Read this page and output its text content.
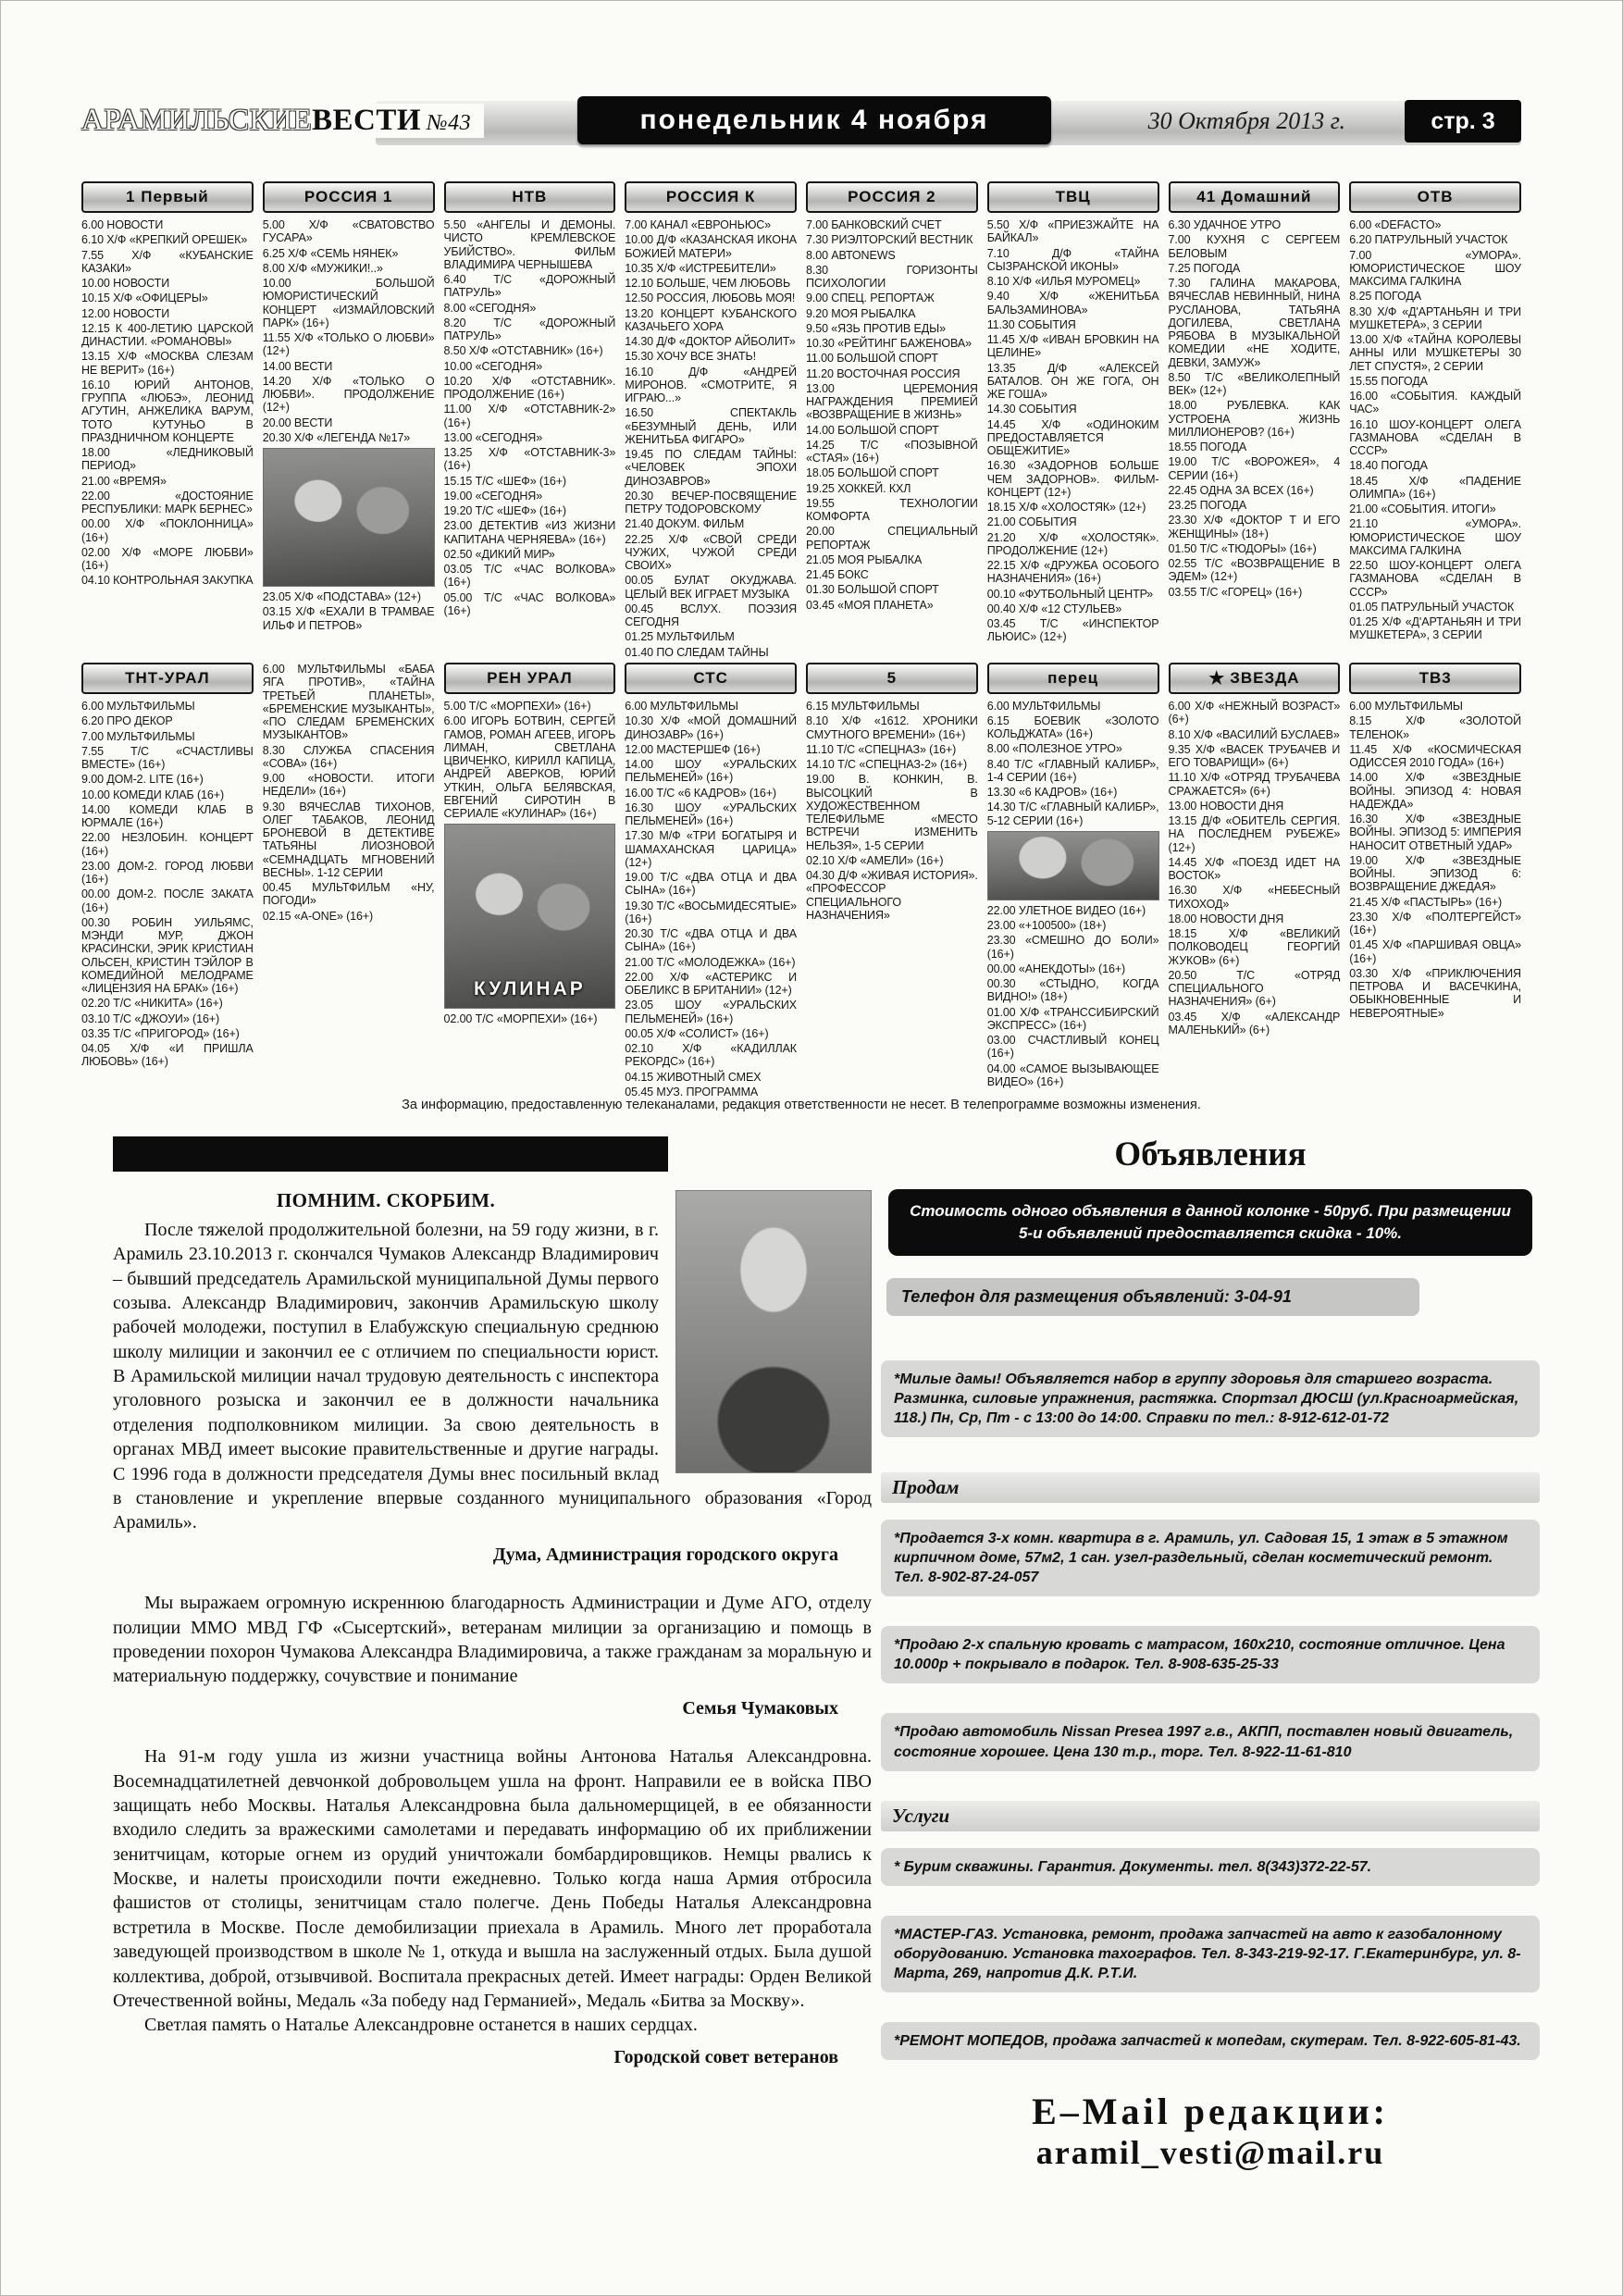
АРАМИЛЬСКИЕВЕСТИ №43	понедельник 4 ноября	30 Октября 2013 г.	стр. 3
1 Первый
6.00 НОВОСТИ
6.10 Х/Ф «КРЕПКИЙ ОРЕШЕК»
7.55 Х/Ф «КУБАНСКИЕ КАЗАКИ»
10.00 НОВОСТИ
10.15 Х/Ф «ОФИЦЕРЫ»
12.00 НОВОСТИ
12.15 К 400-ЛЕТИЮ ЦАРСКОЙ ДИНАСТИИ. «РОМАНОВЫ»
13.15 Х/Ф «МОСКВА СЛЕЗАМ НЕ ВЕРИТ» (16+)
16.10 ЮРИЙ АНТОНОВ, ГРУППА «ЛЮБЭ», ЛЕОНИД АГУТИН, АНЖЕЛИКА ВАРУМ, ТОТО КУТУНЬО В ПРАЗДНИЧНОМ КОНЦЕРТЕ
18.00 «ЛЕДНИКОВЫЙ ПЕРИОД»
21.00 «ВРЕМЯ»
22.00 «ДОСТОЯНИЕ РЕСПУБЛИКИ: МАРК БЕРНЕС»
00.00 Х/Ф «ПОКЛОННИЦА» (16+)
02.00 Х/Ф «МОРЕ ЛЮБВИ» (16+)
04.10 КОНТРОЛЬНАЯ ЗАКУПКА
ТНТ-УРАЛ
6.00 МУЛЬТФИЛЬМЫ
6.20 ПРО ДЕКОР
7.00 МУЛЬТФИЛЬМЫ
7.55 Т/С «СЧАСТЛИВЫ ВМЕСТЕ» (16+)
9.00 ДОМ-2. LITE (16+)
10.00 КОМЕДИ КЛАБ (16+)
14.00 КОМЕДИ КЛАБ В ЮРМАЛЕ (16+)
22.00 НЕЗЛОБИН. КОНЦЕРТ (16+)
23.00 ДОМ-2. ГОРОД ЛЮБВИ (16+)
00.00 ДОМ-2. ПОСЛЕ ЗАКАТА (16+)
00.30 РОБИН УИЛЬЯМС, МЭНДИ МУР, ДЖОН КРАСИНСКИ, ЭРИК КРИСТИАН ОЛЬСЕН, КРИСТИН ТЭЙЛОР В КОМЕДИЙНОЙ МЕЛОДРАМЕ «ЛИЦЕНЗИЯ НА БРАК» (16+)
02.20 Т/С «НИКИТА» (16+)
03.10 Т/С «ДЖОУИ» (16+)
03.35 Т/С «ПРИГОРОД» (16+)
04.05 Х/Ф «И ПРИШЛА ЛЮБОВЬ» (16+)
РОССИЯ 1
5.00 Х/Ф «СВАТОВСТВО ГУСАРА»
6.25 Х/Ф «СЕМЬ НЯНЕК»
8.00 Х/Ф «МУЖИКИ!..»
10.00 БОЛЬШОЙ ЮМОРИСТИЧЕСКИЙ КОНЦЕРТ «ИЗМАЙЛОВСКИЙ ПАРК» (16+)
11.55 Х/Ф «ТОЛЬКО О ЛЮБВИ» (12+)
14.00 ВЕСТИ
14.20 Х/Ф «ТОЛЬКО О ЛЮБВИ». ПРОДОЛЖЕНИЕ (12+)
20.00 ВЕСТИ
20.30 Х/Ф «ЛЕГЕНДА №17»
23.05 Х/Ф «ПОДСТАВА» (12+)
03.15 Х/Ф «ЕХАЛИ В ТРАМВАЕ ИЛЬФ И ПЕТРОВ»
6.00 МУЛЬТФИЛЬМЫ «БАБА ЯГА ПРОТИВ», «ТАЙНА ТРЕТЬЕЙ ПЛАНЕТЫ», «БРЕМЕНСКИЕ МУЗЫКАНТЫ», «ПО СЛЕДАМ БРЕМЕНСКИХ МУЗЫКАНТОВ»
8.30 СЛУЖБА СПАСЕНИЯ «СОВА» (16+)
9.00 «НОВОСТИ. ИТОГИ НЕДЕЛИ» (16+)
9.30 ВЯЧЕСЛАВ ТИХОНОВ, ОЛЕГ ТАБАКОВ, ЛЕОНИД БРОНЕВОЙ В ДЕТЕКТИВЕ ТАТЬЯНЫ ЛИОЗНОВОЙ «СЕМНАДЦАТЬ МГНОВЕНИЙ ВЕСНЫ». 1-12 СЕРИИ
00.45 МУЛЬТФИЛЬМ «НУ, ПОГОДИ»
02.15 «A-ONE» (16+)
НТВ
5.50 «АНГЕЛЫ И ДЕМОНЫ. ЧИСТО КРЕМЛЕВСКОЕ УБИЙСТВО». ФИЛЬМ ВЛАДИМИРА ЧЕРНЫШЕВА
6.40 Т/С «ДОРОЖНЫЙ ПАТРУЛЬ»
8.00 «СЕГОДНЯ»
8.20 Т/С «ДОРОЖНЫЙ ПАТРУЛЬ»
8.50 Х/Ф «ОТСТАВНИК» (16+)
10.00 «СЕГОДНЯ»
10.20 Х/Ф «ОТСТАВНИК». ПРОДОЛЖЕНИЕ (16+)
11.00 Х/Ф «ОТСТАВНИК-2» (16+)
13.00 «СЕГОДНЯ»
13.25 Х/Ф «ОТСТАВНИК-3» (16+)
15.15 Т/С «ШЕФ» (16+)
19.00 «СЕГОДНЯ»
19.20 Т/С «ШЕФ» (16+)
23.00 ДЕТЕКТИВ «ИЗ ЖИЗНИ КАПИТАНА ЧЕРНЯЕВА» (16+)
02.50 «ДИКИЙ МИР»
03.05 Т/С «ЧАС ВОЛКОВА» (16+)
05.00 Т/С «ЧАС ВОЛКОВА» (16+)
РЕН УРАЛ
5.00 Т/С «МОРПЕХИ» (16+)
6.00 ИГОРЬ БОТВИН, СЕРГЕЙ ГАМОВ, РОМАН АГЕЕВ, ИГОРЬ ЛИМАН, СВЕТЛАНА ЦВИЧЕНКО, КИРИЛЛ КАПИЦА, АНДРЕЙ АВЕРКОВ, ЮРИЙ УТКИН, ОЛЬГА БЕЛЯВСКАЯ, ЕВГЕНИЙ СИРОТИН В СЕРИАЛЕ «КУЛИНАР» (16+)
КУЛИНАР
02.00 Т/С «МОРПЕХИ» (16+)
РОССИЯ К
7.00 КАНАЛ «ЕВРОНЬЮС»
10.00 Д/Ф «КАЗАНСКАЯ ИКОНА БОЖИЕЙ МАТЕРИ»
10.35 Х/Ф «ИСТРЕБИТЕЛИ»
12.10 БОЛЬШЕ, ЧЕМ ЛЮБОВЬ
12.50 РОССИЯ, ЛЮБОВЬ МОЯ!
13.20 КОНЦЕРТ КУБАНСКОГО КАЗАЧЬЕГО ХОРА
14.30 Д/Ф «ДОКТОР АЙБОЛИТ»
15.30 ХОЧУ ВСЕ ЗНАТЬ!
16.10 Д/Ф «АНДРЕЙ МИРОНОВ. «СМОТРИТЕ, Я ИГРАЮ...»
16.50 СПЕКТАКЛЬ «БЕЗУМНЫЙ ДЕНЬ, ИЛИ ЖЕНИТЬБА ФИГАРО»
19.45 ПО СЛЕДАМ ТАЙНЫ: «ЧЕЛОВЕК ЭПОХИ ДИНОЗАВРОВ»
20.30 ВЕЧЕР-ПОСВЯЩЕНИЕ ПЕТРУ ТОДОРОВСКОМУ
21.40 ДОКУМ. ФИЛЬМ
22.25 Х/Ф «СВОЙ СРЕДИ ЧУЖИХ, ЧУЖОЙ СРЕДИ СВОИХ»
00.05 БУЛАТ ОКУДЖАВА. ЦЕЛЫЙ ВЕК ИГРАЕТ МУЗЫКА
00.45 ВСЛУХ. ПОЭЗИЯ СЕГОДНЯ
01.25 МУЛЬТФИЛЬМ
01.40 ПО СЛЕДАМ ТАЙНЫ
СТС
6.00 МУЛЬТФИЛЬМЫ
10.30 Х/Ф «МОЙ ДОМАШНИЙ ДИНОЗАВР» (16+)
12.00 МАСТЕРШЕФ (16+)
14.00 ШОУ «УРАЛЬСКИХ ПЕЛЬМЕНЕЙ» (16+)
16.00 Т/С «6 КАДРОВ» (16+)
16.30 ШОУ «УРАЛЬСКИХ ПЕЛЬМЕНЕЙ» (16+)
17.30 М/Ф «ТРИ БОГАТЫРЯ И ШАМАХАНСКАЯ ЦАРИЦА» (12+)
19.00 Т/С «ДВА ОТЦА И ДВА СЫНА» (16+)
19.30 Т/С «ВОСЬМИДЕСЯТЫЕ» (16+)
20.30 Т/С «ДВА ОТЦА И ДВА СЫНА» (16+)
21.00 Т/С «МОЛОДЕЖКА» (16+)
22.00 Х/Ф «АСТЕРИКС И ОБЕЛИКС В БРИТАНИИ» (12+)
23.05 ШОУ «УРАЛЬСКИХ ПЕЛЬМЕНЕЙ» (16+)
00.05 Х/Ф «СОЛИСТ» (16+)
02.10 Х/Ф «КАДИЛЛАК РЕКОРДС» (16+)
04.15 ЖИВОТНЫЙ СМЕХ
05.45 МУЗ. ПРОГРАММА
РОССИЯ 2
7.00 БАНКОВСКИЙ СЧЕТ
7.30 РИЭЛТОРСКИЙ ВЕСТНИК
8.00 АВТОNEWS
8.30 ГОРИЗОНТЫ ПСИХОЛОГИИ
9.00 СПЕЦ. РЕПОРТАЖ
9.20 МОЯ РЫБАЛКА
9.50 «ЯЗЬ ПРОТИВ ЕДЫ»
10.30 «РЕЙТИНГ БАЖЕНОВА»
11.00 БОЛЬШОЙ СПОРТ
11.20 ВОСТОЧНАЯ РОССИЯ
13.00 ЦЕРЕМОНИЯ НАГРАЖДЕНИЯ ПРЕМИЕЙ «ВОЗВРАЩЕНИЕ В ЖИЗНЬ»
14.00 БОЛЬШОЙ СПОРТ
14.25 Т/С «ПОЗЫВНОЙ «СТАЯ» (16+)
18.05 БОЛЬШОЙ СПОРТ
19.25 ХОККЕЙ. КХЛ
19.55 ТЕХНОЛОГИИ КОМФОРТА
20.00 СПЕЦИАЛЬНЫЙ РЕПОРТАЖ
21.05 МОЯ РЫБАЛКА
21.45 БОКС
01.30 БОЛЬШОЙ СПОРТ
03.45 «МОЯ ПЛАНЕТА»
5
6.15 МУЛЬТФИЛЬМЫ
8.10 Х/Ф «1612. ХРОНИКИ СМУТНОГО ВРЕМЕНИ» (16+)
11.10 Т/С «СПЕЦНАЗ» (16+)
14.10 Т/С «СПЕЦНАЗ-2» (16+)
19.00 В. КОНКИН, В. ВЫСОЦКИЙ В ХУДОЖЕСТВЕННОМ ТЕЛЕФИЛЬМЕ «МЕСТО ВСТРЕЧИ ИЗМЕНИТЬ НЕЛЬЗЯ», 1-5 СЕРИИ
02.10 Х/Ф «АМЕЛИ» (16+)
04.30 Д/Ф «ЖИВАЯ ИСТОРИЯ». «ПРОФЕССОР СПЕЦИАЛЬНОГО НАЗНАЧЕНИЯ»
ТВЦ
5.50 Х/Ф «ПРИЕЗЖАЙТЕ НА БАЙКАЛ»
7.10 Д/Ф «ТАЙНА СЫЗРАНСКОЙ ИКОНЫ»
8.10 Х/Ф «ИЛЬЯ МУРОМЕЦ»
9.40 Х/Ф «ЖЕНИТЬБА БАЛЬЗАМИНОВА»
11.30 СОБЫТИЯ
11.45 Х/Ф «ИВАН БРОВКИН НА ЦЕЛИНЕ»
13.35 Д/Ф «АЛЕКСЕЙ БАТАЛОВ. ОН ЖЕ ГОГА, ОН ЖЕ ГОША»
14.30 СОБЫТИЯ
14.45 Х/Ф «ОДИНОКИМ ПРЕДОСТАВЛЯЕТСЯ ОБЩЕЖИТИЕ»
16.30 «ЗАДОРНОВ БОЛЬШЕ ЧЕМ ЗАДОРНОВ». ФИЛЬМ-КОНЦЕРТ (12+)
18.15 Х/Ф «ХОЛОСТЯК» (12+)
21.00 СОБЫТИЯ
21.20 Х/Ф «ХОЛОСТЯК». ПРОДОЛЖЕНИЕ (12+)
22.15 Х/Ф «ДРУЖБА ОСОБОГО НАЗНАЧЕНИЯ» (16+)
00.10 «ФУТБОЛЬНЫЙ ЦЕНТР»
00.40 Х/Ф «12 СТУЛЬЕВ»
03.45 Т/С «ИНСПЕКТОР ЛЬЮИС» (12+)
перец
6.00 МУЛЬТФИЛЬМЫ
6.15 БОЕВИК «ЗОЛОТО КОЛЬДЖАТА» (16+)
8.00 «ПОЛЕЗНОЕ УТРО»
8.40 Т/С «ГЛАВНЫЙ КАЛИБР», 1-4 СЕРИИ (16+)
13.30 «6 КАДРОВ» (16+)
14.30 Т/С «ГЛАВНЫЙ КАЛИБР», 5-12 СЕРИИ (16+)
22.00 УЛЕТНОЕ ВИДЕО (16+)
23.00 «+100500» (18+)
23.30 «СМЕШНО ДО БОЛИ» (16+)
00.00 «АНЕКДОТЫ» (16+)
00.30 «СТЫДНО, КОГДА ВИДНО!» (18+)
01.00 Х/Ф «ТРАНССИБИРСКИЙ ЭКСПРЕСС» (16+)
03.00 СЧАСТЛИВЫЙ КОНЕЦ (16+)
04.00 «САМОЕ ВЫЗЫВАЮЩЕЕ ВИДЕО» (16+)
41 Домашний
6.30 УДАЧНОЕ УТРО
7.00 КУХНЯ С СЕРГЕЕМ БЕЛОВЫМ
7.25 ПОГОДА
7.30 ГАЛИНА МАКАРОВА, ВЯЧЕСЛАВ НЕВИННЫЙ, НИНА РУСЛАНОВА, ТАТЬЯНА ДОГИЛЕВА, СВЕТЛАНА РЯБОВА В МУЗЫКАЛЬНОЙ КОМЕДИИ «НЕ ХОДИТЕ, ДЕВКИ, ЗАМУЖ»
8.50 Т/С «ВЕЛИКОЛЕПНЫЙ ВЕК» (12+)
18.00 РУБЛЕВКА. КАК УСТРОЕНА ЖИЗНЬ МИЛЛИОНЕРОВ? (16+)
18.55 ПОГОДА
19.00 Т/С «ВОРОЖЕЯ», 4 СЕРИИ (16+)
22.45 ОДНА ЗА ВСЕХ (16+)
23.25 ПОГОДА
23.30 Х/Ф «ДОКТОР Т И ЕГО ЖЕНЩИНЫ» (18+)
01.50 Т/С «ТЮДОРЫ» (16+)
02.55 Т/С «ВОЗВРАЩЕНИЕ В ЭДЕМ» (12+)
03.55 Т/С «ГОРЕЦ» (16+)
★ ЗВЕЗДА
6.00 Х/Ф «НЕЖНЫЙ ВОЗРАСТ» (6+)
8.10 Х/Ф «ВАСИЛИЙ БУСЛАЕВ»
9.35 Х/Ф «ВАСЕК ТРУБАЧЕВ И ЕГО ТОВАРИЩИ» (6+)
11.10 Х/Ф «ОТРЯД ТРУБАЧЕВА СРАЖАЕТСЯ» (6+)
13.00 НОВОСТИ ДНЯ
13.15 Д/Ф «ОБИТЕЛЬ СЕРГИЯ. НА ПОСЛЕДНЕМ РУБЕЖЕ» (12+)
14.45 Х/Ф «ПОЕЗД ИДЕТ НА ВОСТОК»
16.30 Х/Ф «НЕБЕСНЫЙ ТИХОХОД»
18.00 НОВОСТИ ДНЯ
18.15 Х/Ф «ВЕЛИКИЙ ПОЛКОВОДЕЦ ГЕОРГИЙ ЖУКОВ» (6+)
20.50 Т/С «ОТРЯД СПЕЦИАЛЬНОГО НАЗНАЧЕНИЯ» (6+)
03.45 Х/Ф «АЛЕКСАНДР МАЛЕНЬКИЙ» (6+)
ОТВ
6.00 «DEFACTO»
6.20 ПАТРУЛЬНЫЙ УЧАСТОК
7.00 «УМОРА». ЮМОРИСТИЧЕСКОЕ ШОУ МАКСИМА ГАЛКИНА
8.25 ПОГОДА
8.30 Х/Ф «Д'АРТАНЬЯН И ТРИ МУШКЕТЕРА», 3 СЕРИИ
13.00 Х/Ф «ТАЙНА КОРОЛЕВЫ АННЫ ИЛИ МУШКЕТЕРЫ 30 ЛЕТ СПУСТЯ», 2 СЕРИИ
15.55 ПОГОДА
16.00 «СОБЫТИЯ. КАЖДЫЙ ЧАС»
16.10 ШОУ-КОНЦЕРТ ОЛЕГА ГАЗМАНОВА «СДЕЛАН В СССР»
18.40 ПОГОДА
18.45 Х/Ф «ПАДЕНИЕ ОЛИМПА» (16+)
21.00 «СОБЫТИЯ. ИТОГИ»
21.10 «УМОРА». ЮМОРИСТИЧЕСКОЕ ШОУ МАКСИМА ГАЛКИНА
22.50 ШОУ-КОНЦЕРТ ОЛЕГА ГАЗМАНОВА «СДЕЛАН В СССР»
01.05 ПАТРУЛЬНЫЙ УЧАСТОК
01.25 Х/Ф «Д'АРТАНЬЯН И ТРИ МУШКЕТЕРА», 3 СЕРИИ
ТВ3
6.00 МУЛЬТФИЛЬМЫ
8.15 Х/Ф «ЗОЛОТОЙ ТЕЛЕНОК»
11.45 Х/Ф «КОСМИЧЕСКАЯ ОДИССЕЯ 2010 ГОДА» (16+)
14.00 Х/Ф «ЗВЕЗДНЫЕ ВОЙНЫ. ЭПИЗОД 4: НОВАЯ НАДЕЖДА»
16.30 Х/Ф «ЗВЕЗДНЫЕ ВОЙНЫ. ЭПИЗОД 5: ИМПЕРИЯ НАНОСИТ ОТВЕТНЫЙ УДАР»
19.00 Х/Ф «ЗВЕЗДНЫЕ ВОЙНЫ. ЭПИЗОД 6: ВОЗВРАЩЕНИЕ ДЖЕДАЯ»
21.45 Х/Ф «ПАСТЫРЬ» (16+)
23.30 Х/Ф «ПОЛТЕРГЕЙСТ» (16+)
01.45 Х/Ф «ПАРШИВАЯ ОВЦА» (16+)
03.30 Х/Ф «ПРИКЛЮЧЕНИЯ ПЕТРОВА И ВАСЕЧКИНА, ОБЫКНОВЕННЫЕ И НЕВЕРОЯТНЫЕ»
За информацию, предоставленную телеканалами, редакция ответственности не несет. В телепрограмме возможны изменения.
ПОМНИМ. СКОРБИМ.
После тяжелой продолжительной болезни, на 59 году жизни, в г. Арамиль 23.10.2013 г. скончался Чумаков Александр Владимирович – бывший председатель Арамильской муниципальной Думы первого созыва. Александр Владимирович, закончив Арамильскую школу рабочей молодежи, поступил в Елабужскую специальную среднюю школу милиции и закончил ее с отличием по специальности юрист. В Арамильской милиции начал трудовую деятельность с инспектора уголовного розыска и закончил ее в должности начальника отделения подполковником милиции. За свою деятельность в органах МВД имеет высокие правительственные и другие награды. С 1996 года в должности председателя Думы внес посильный вклад в становление и укрепление впервые созданного муниципального образования «Город Арамиль».
Дума, Администрация городского округа
Мы выражаем огромную искреннюю благодарность Администрации и Думе АГО, отделу полиции ММО МВД ГФ «Сысертский», ветеранам милиции за организацию и помощь в проведении похорон Чумакова Александра Владимировича, а также гражданам за моральную и материальную поддержку, сочувствие и понимание
Семья Чумаковых
На 91-м году ушла из жизни участница войны Антонова Наталья Александровна. Восемнадцатилетней девчонкой добровольцем ушла на фронт. Направили ее в войска ПВО защищать небо Москвы. Наталья Александровна была дальномерщицей, в ее обязанности входило следить за вражескими самолетами и передавать информацию об их приближении зенитчицам, которые огнем из орудий уничтожали бомбардировщиков. Немцы рвались к Москве, и налеты происходили почти ежедневно. Только когда наша Армия отбросила фашистов от столицы, зенитчицам стало полегче. День Победы Наталья Александровна встретила в Москве. После демобилизации приехала в Арамиль. Много лет проработала заведующей производством в школе № 1, откуда и вышла на заслуженный отдых. Была душой коллектива, доброй, отзывчивой. Воспитала прекрасных детей. Имеет награды: Орден Великой Отечественной войны, Медаль «За победу над Германией», Медаль «Битва за Москву».
Светлая память о Наталье Александровне останется в наших сердцах.
Городской совет ветеранов
Объявления
Стоимость одного объявления в данной колонке - 50руб. При размещении 5-и объявлений предоставляется скидка - 10%.
Телефон для размещения объявлений: 3-04-91
*Милые дамы! Объявляется набор в группу здоровья для старшего возраста. Разминка, силовые упражнения, растяжка. Спортзал ДЮСШ (ул.Красноармейская, 118.) Пн, Ср, Пт - с 13:00 до 14:00. Справки по тел.: 8-912-612-01-72
Продам
*Продается 3-х комн. квартира в г. Арамиль, ул. Садовая 15, 1 этаж в 5 этажном кирпичном доме, 57м2, 1 сан. узел-раздельный, сделан косметический ремонт. Тел. 8-902-87-24-057
*Продаю 2-х спальную кровать с матрасом, 160х210, состояние отличное. Цена 10.000р + покрывало в подарок. Тел. 8-908-635-25-33
*Продаю автомобиль Nissan Presea 1997 г.в., АКПП, поставлен новый двигатель, состояние хорошее. Цена 130 т.р., торг. Тел. 8-922-11-61-810
Услуги
* Бурим скважины. Гарантия. Документы. тел. 8(343)372-22-57.
*МАСТЕР-ГАЗ. Установка, ремонт, продажа запчастей на авто к газобалонному оборудованию. Установка тахографов. Тел. 8-343-219-92-17. Г.Екатеринбург, ул. 8-Марта, 269, напротив Д.К. Р.Т.И.
*РЕМОНТ МОПЕДОВ, продажа запчастей к мопедам, скутерам. Тел. 8-922-605-81-43.
E–Mail редакции:
aramil_vesti@mail.ru
